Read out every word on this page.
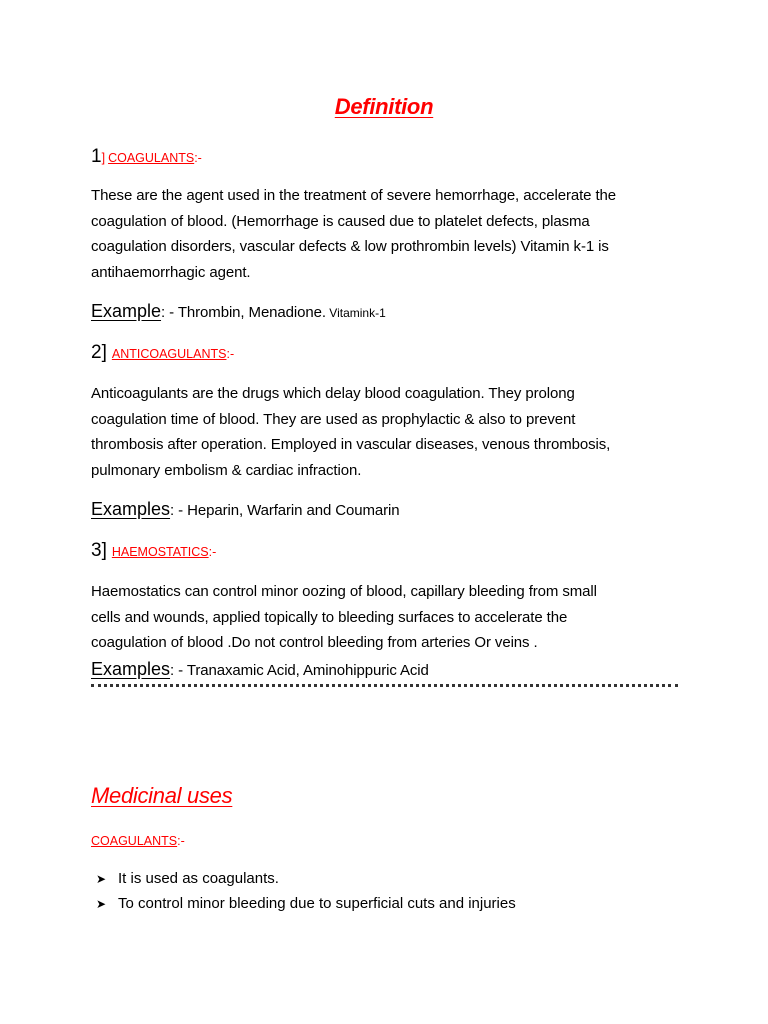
Definition
1] COAGULANTS:-
These are the agent used in the treatment of severe hemorrhage, accelerate the
coagulation of blood. (Hemorrhage is caused due to platelet defects, plasma
coagulation disorders, vascular defects & low prothrombin levels) Vitamin k-1 is
antihaemorrhagic agent.
Example: - Thrombin, Menadione. Vitamink-1
2] ANTICOAGULANTS:-
Anticoagulants are the drugs which delay blood coagulation. They prolong
coagulation time of blood. They are used as prophylactic & also to prevent
thrombosis after operation. Employed in vascular diseases, venous thrombosis,
pulmonary embolism & cardiac infraction.
Examples: - Heparin, Warfarin and Coumarin
3] HAEMOSTATICS:-
Haemostatics can control minor oozing of blood, capillary bleeding from small
cells and wounds, applied topically to bleeding surfaces to accelerate the
coagulation of blood .Do not control bleeding from arteries Or veins .
Examples: - Tranaxamic Acid, Aminohippuric Acid
Medicinal uses
COAGULANTS:-
➤ It is used as coagulants.
➤ To control minor bleeding due to superficial cuts and injuries
